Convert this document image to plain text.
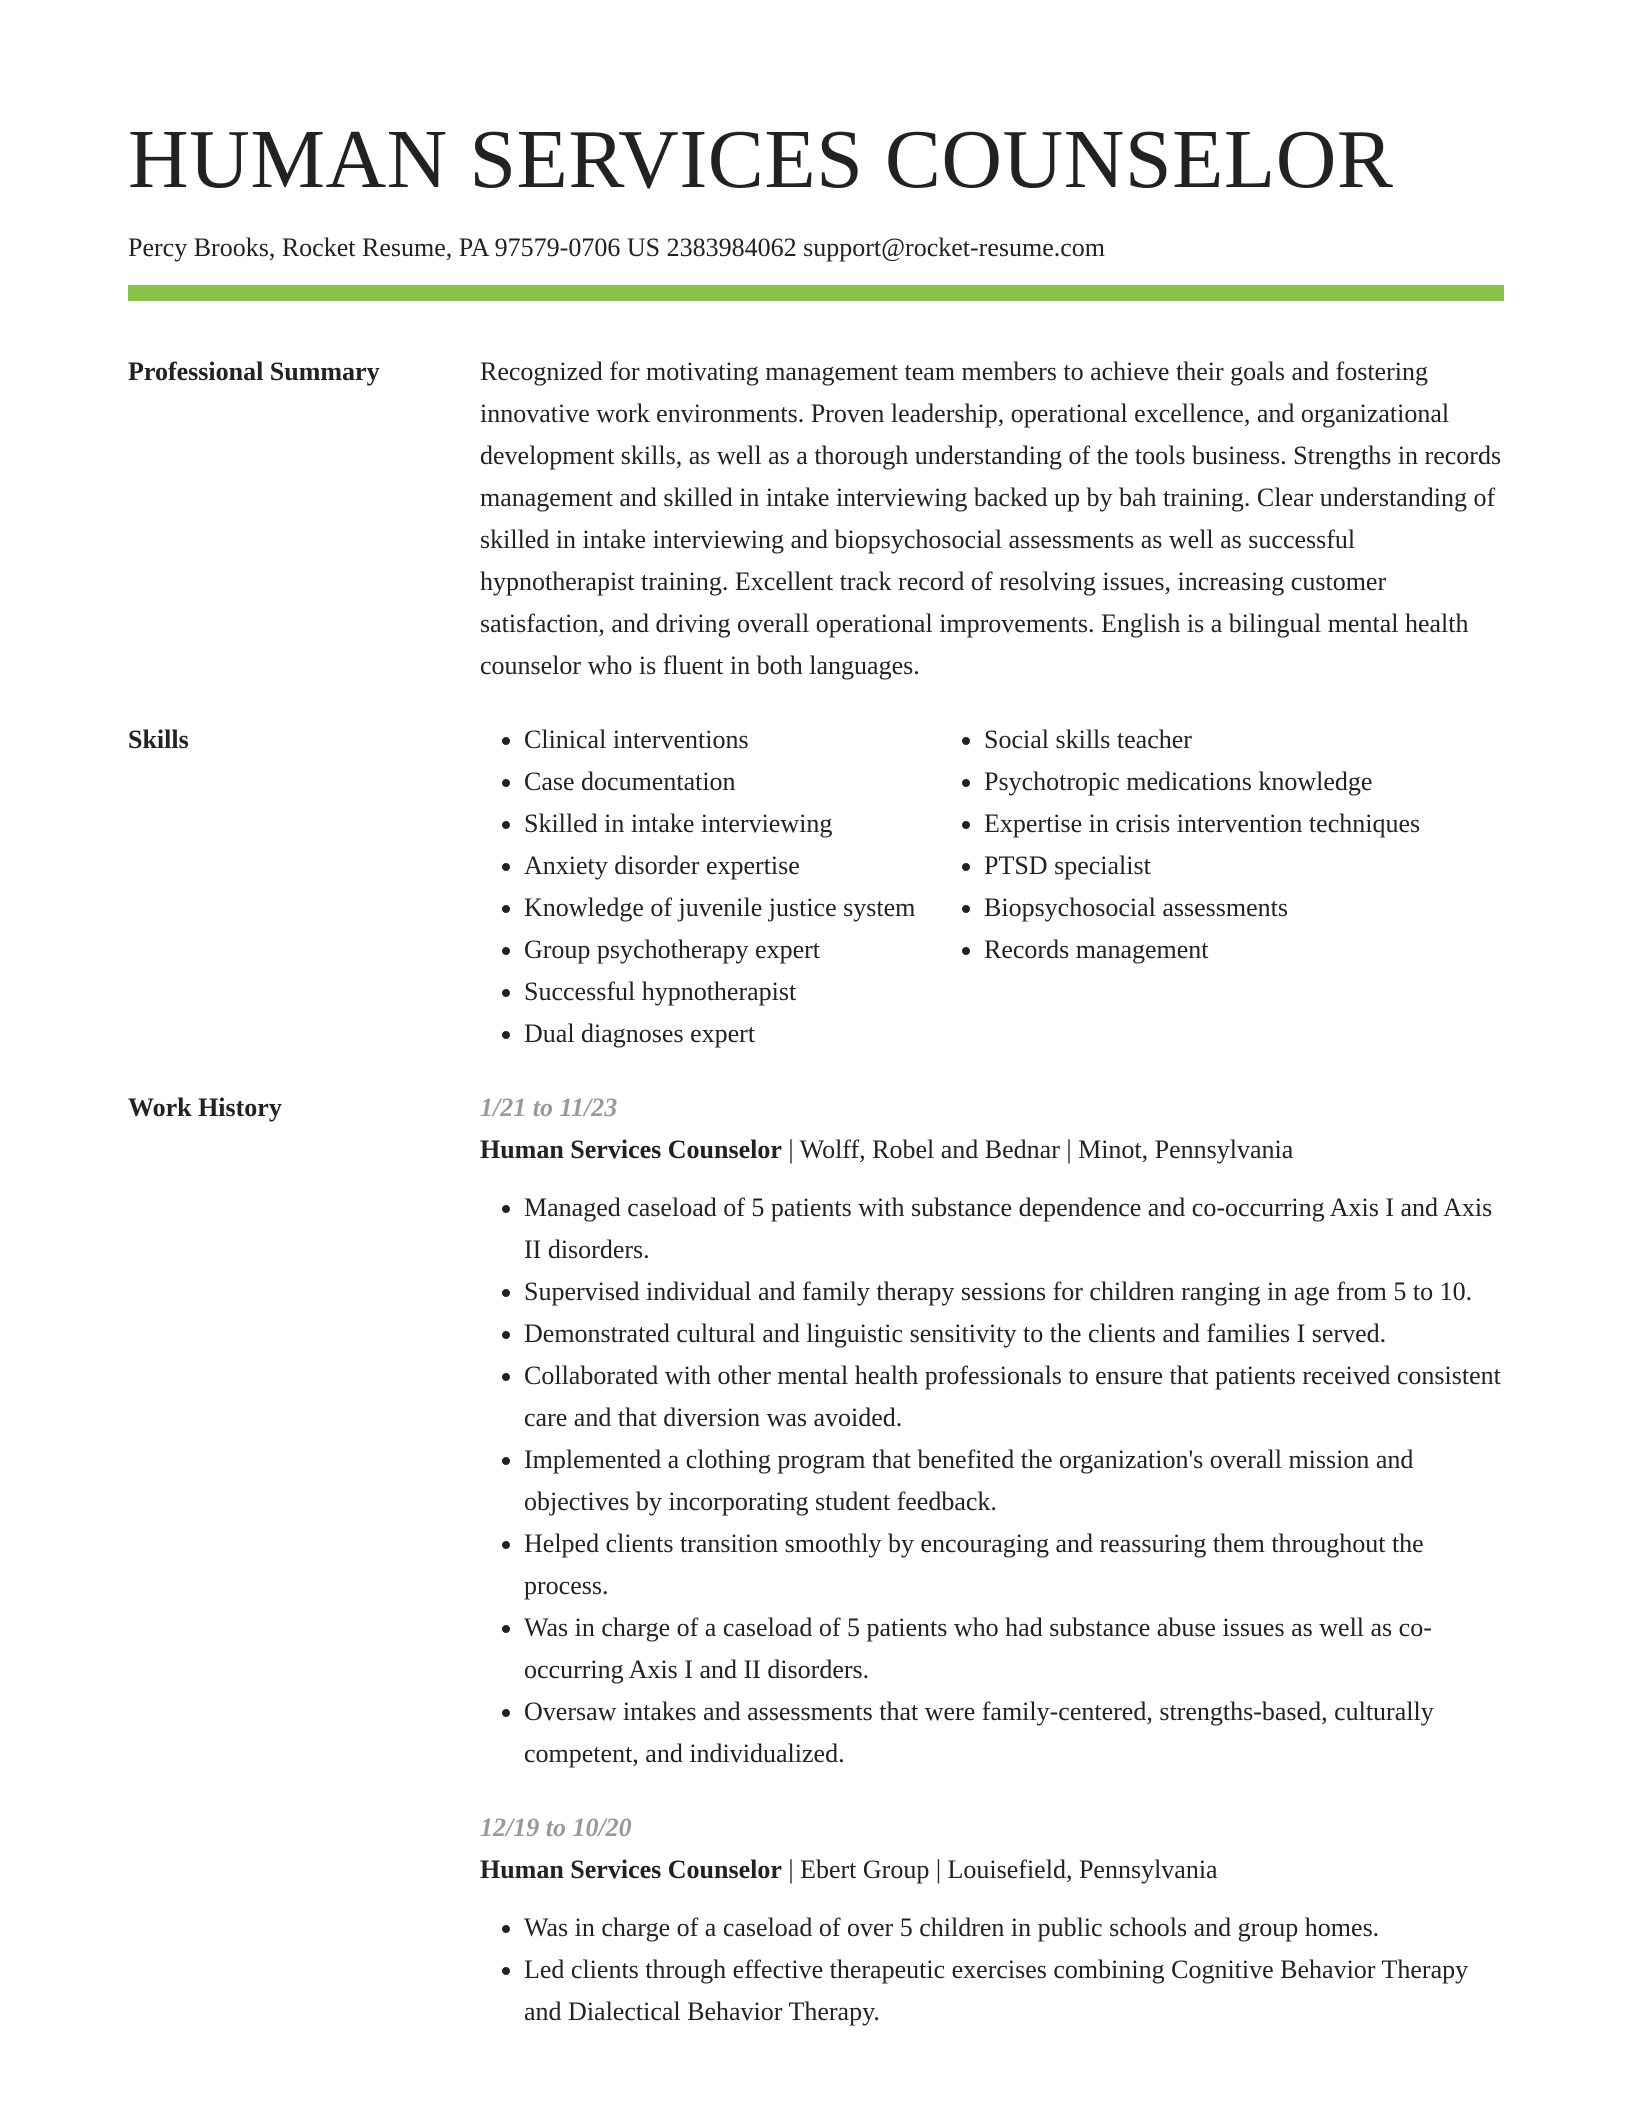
HUMAN SERVICES COUNSELOR
Percy Brooks, Rocket Resume, PA 97579-0706 US 2383984062 support@rocket-resume.com
Professional Summary	Recognized for motivating management team members to achieve their goals and fostering innovative work environments. Proven leadership, operational excellence, and organizational development skills, as well as a thorough understanding of the tools business. Strengths in records management and skilled in intake interviewing backed up by bah training. Clear understanding of skilled in intake interviewing and biopsychosocial assessments as well as successful hypnotherapist training. Excellent track record of resolving issues, increasing customer satisfaction, and driving overall operational improvements. English is a bilingual mental health counselor who is fluent in both languages.

Skills
•	Clinical interventions
• Case documentation
• Skilled in intake interviewing
• Anxiety disorder expertise
• Knowledge of juvenile justice system
• Group psychotherapy expert
• Successful hypnotherapist
• Dual diagnoses expert
• Social skills teacher
• Psychotropic medications knowledge
• Expertise in crisis intervention techniques
• PTSD specialist
• Biopsychosocial assessments
• Records management
Work History	1/21 to 11/23
Human Services Counselor | Wolff, Robel and Bednar | Minot, Pennsylvania
• Managed caseload of 5 patients with substance dependence and co-occurring Axis I and Axis II disorders.
• Supervised individual and family therapy sessions for children ranging in age from 5 to 10.
• Demonstrated cultural and linguistic sensitivity to the clients and families I served.
• Collaborated with other mental health professionals to ensure that patients received consistent care and that diversion was avoided.
• Implemented a clothing program that benefited the organization's overall mission and objectives by incorporating student feedback.
• Helped clients transition smoothly by encouraging and reassuring them throughout the process.
• Was in charge of a caseload of 5 patients who had substance abuse issues as well as co-occurring Axis I and II disorders.
• Oversaw intakes and assessments that were family-centered, strengths-based, culturally competent, and individualized.
12/19 to 10/20
Human Services Counselor | Ebert Group | Louisefield, Pennsylvania
• Was in charge of a caseload of over 5 children in public schools and group homes.
• Led clients through effective therapeutic exercises combining Cognitive Behavior Therapy and Dialectical Behavior Therapy.
